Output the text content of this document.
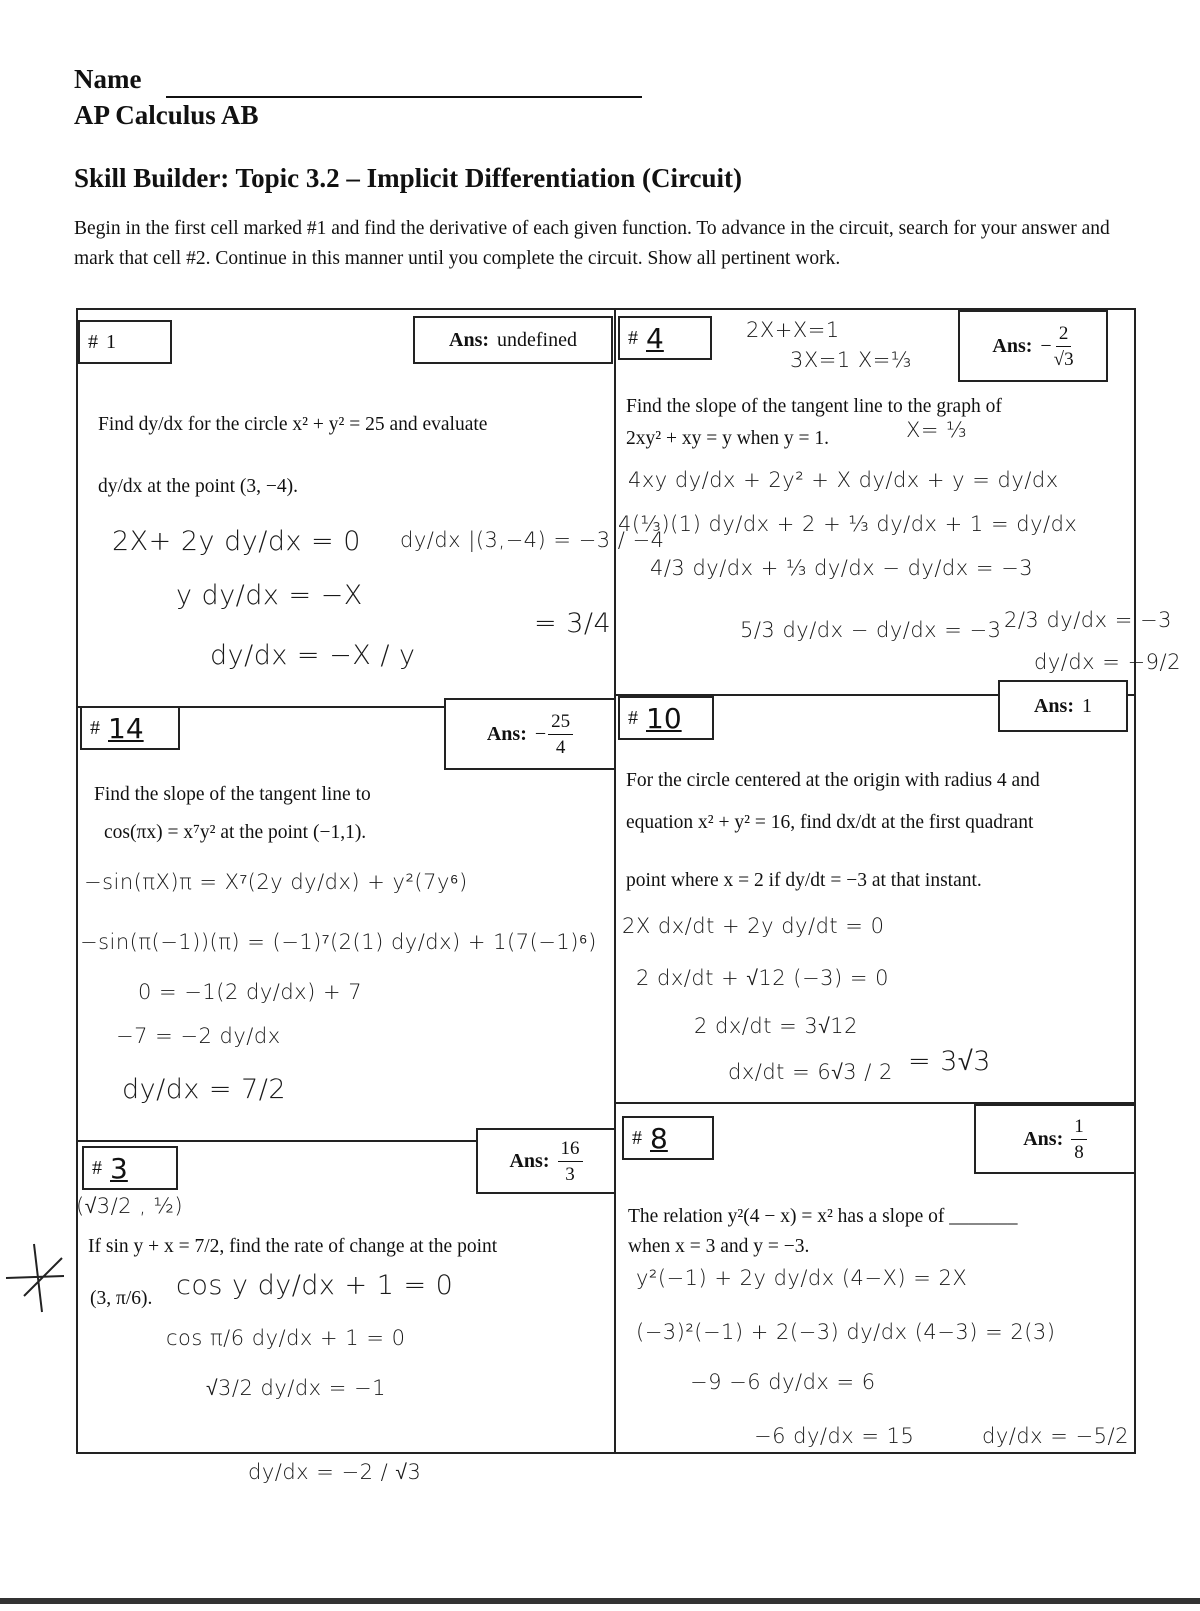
Name
AP Calculus AB
Skill Builder: Topic 3.2 – Implicit Differentiation (Circuit)
Begin in the first cell marked #1 and find the derivative of each given function. To advance in the circuit, search for your answer and mark that cell #2. Continue in this manner until you complete the circuit. Show all pertinent work.
# 1	Ans: undefined
Find dy/dx for the circle x² + y² = 25 and evaluate
dy/dx at the point (3, −4).
2X+ 2y dy/dx = 0
y dy/dx = −X
dy/dx = −X / y
dy/dx |(3,−4) = −3 / −4
= 3/4
# 4	2X+X=1
3X=1 X=⅓
Ans: − $\frac{2}{√3}$
Find the slope of the tangent line to the graph of
2xy² + xy = y when y = 1.	X= ⅓
4xy dy/dx + 2y² + X dy/dx + y = dy/dx
4(⅓)(1) dy/dx + 2 + ⅓ dy/dx + 1 = dy/dx
4/3 dy/dx + ⅓ dy/dx − dy/dx = −3
5/3 dy/dx − dy/dx = −3 2/3 dy/dx = −3
dy/dx = −9/2
# 14	Ans: − $\frac{25}{4}$
Find the slope of the tangent line to
cos(πx) = x⁷y² at the point (−1,1).
−sin(πX)π = X⁷(2y dy/dx) + y²(7y⁶)
−sin(π(−1))(π) = (−1)⁷(2(1) dy/dx) + 1(7(−1)⁶)
0 = −1(2 dy/dx) + 7
−7 = −2 dy/dx
dy/dx = 7/2
# 10	Ans: 1
For the circle centered at the origin with radius 4 and
equation x² + y² = 16, find dx/dt at the first quadrant
point where x = 2 if dy/dt = −3 at that instant.
2X dx/dt + 2y dy/dt = 0
2 dx/dt + √12 (−3) = 0
2 dx/dt = 3√12
dx/dt = 6√3 / 2 = 3√3
# 3	Ans: $\frac{16}{3}$
(√3/2 , ½)
If sin y + x = 7/2, find the rate of change at the point
(3, π/6). cos y dy/dx + 1 = 0
cos π/6 dy/dx + 1 = 0
√3/2 dy/dx = −1
dy/dx = −2 / √3
# 8	Ans: $\frac{1}{8}$
The relation y²(4 − x) = x² has a slope of _______
when x = 3 and y = −3.
y²(−1) + 2y dy/dx (4−X) = 2X
(−3)²(−1) + 2(−3) dy/dx (4−3) = 2(3)
−9 −6 dy/dx = 6
−6 dy/dx = 15	dy/dx = −5/2
